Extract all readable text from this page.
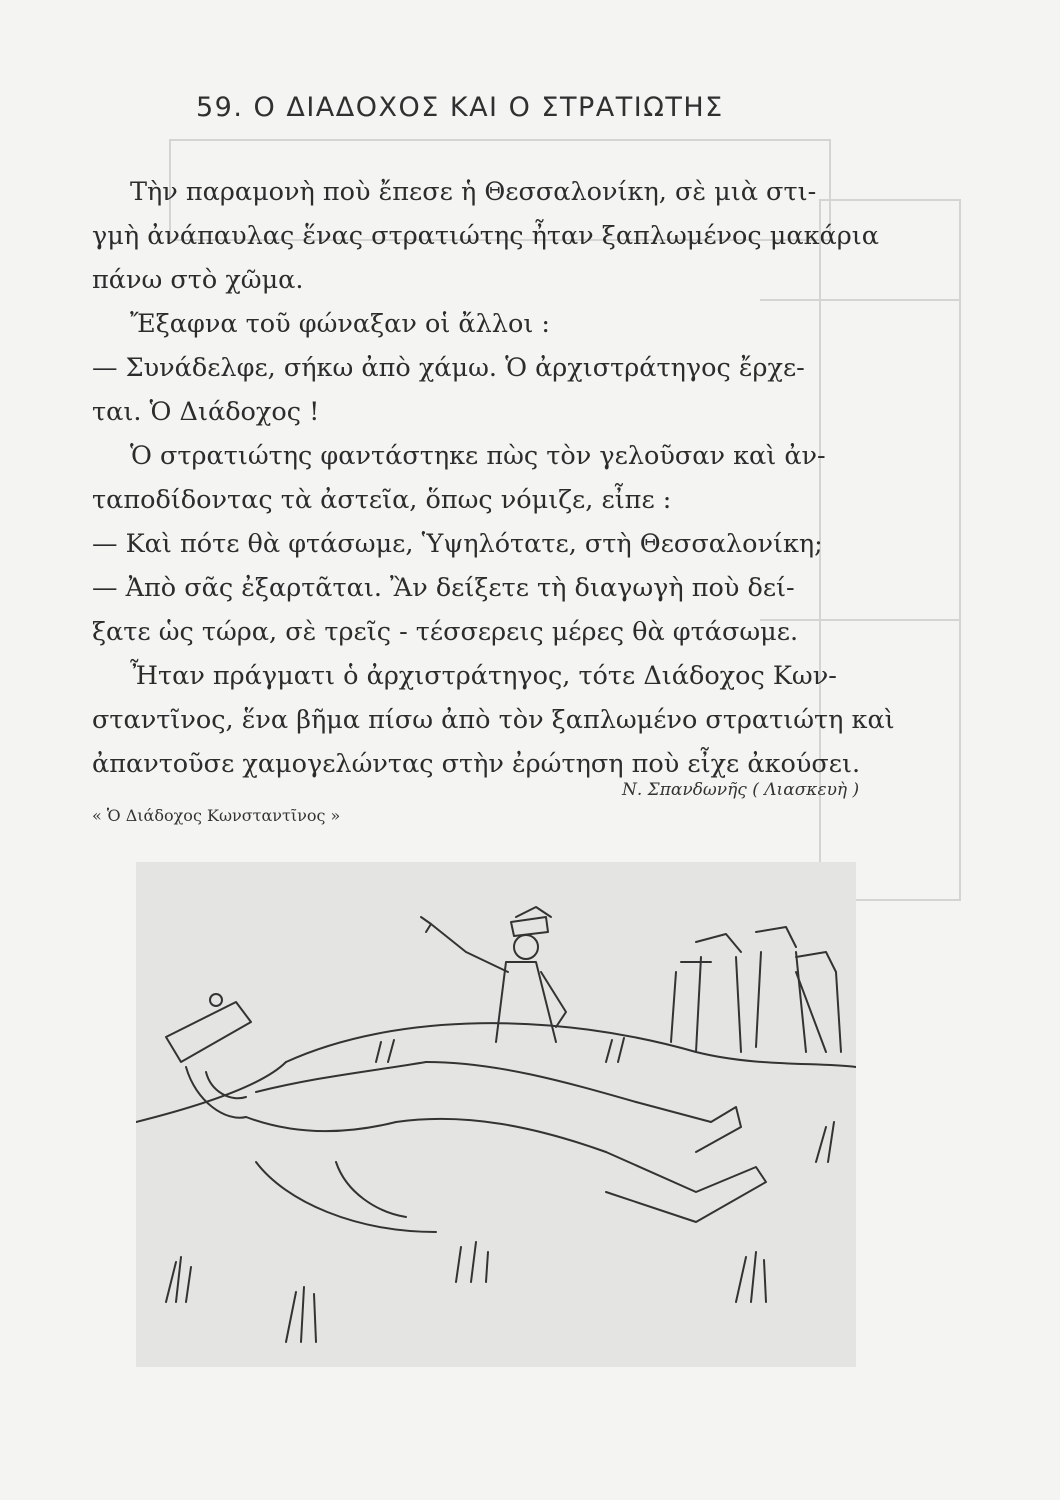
59. Ο ΔΙΑΔΟΧΟΣ ΚΑΙ Ο ΣΤΡΑΤΙΩΤΗΣ

Τὴν παραμονὴ ποὺ ἔπεσε ἡ Θεσσαλονίκη, σὲ μιὰ στι-

γμὴ ἀνάπαυλας ἕνας στρατιώτης ἦταν ξαπλωμένος μακάρια

πάνω στὸ χῶμα.

Ἔξαφνα τοῦ φώναξαν οἱ ἄλλοι :

— Συνάδελφε, σήκω ἀπὸ χάμω. Ὁ ἀρχιστράτηγος ἔρχε-

ται. Ὁ Διάδοχος !

Ὁ στρατιώτης φαντάστηκε πὼς τὸν γελοῦσαν καὶ ἀν-

ταποδίδοντας τὰ ἀστεῖα, ὅπως νόμιζε, εἶπε :

— Καὶ πότε θὰ φτάσωμε, Ὑψηλότατε, στὴ Θεσσαλονίκη;

— Ἀπὸ σᾶς ἐξαρτᾶται. Ἂν δείξετε τὴ διαγωγὴ ποὺ δεί-

ξατε ὡς τώρα, σὲ τρεῖς - τέσσερεις μέρες θὰ φτάσωμε.

Ἦταν πράγματι ὁ ἀρχιστράτηγος, τότε Διάδοχος Κων-

σταντῖνος, ἕνα βῆμα πίσω ἀπὸ τὸν ξαπλωμένο στρατιώτη καὶ

ἀπαντοῦσε χαμογελώντας στὴν ἐρώτηση ποὺ εἶχε ἀκούσει.

Ν. Σπανδωνῆς ( Λιασκευὴ )
« Ὁ Διάδοχος Κωνσταντῖνος »
